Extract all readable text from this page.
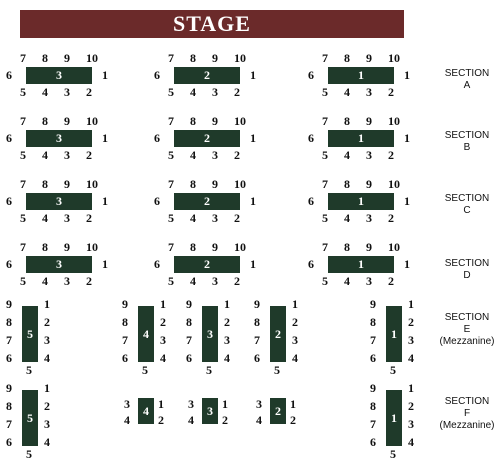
STAGE
7 8 9 10
6	3	1
5 4 3 2
7 8 9 10
6	2	1
5 4 3 2
7 8 9 10
6	1	1
5 4 3 2
7 8 9 10
6	3	1
5 4 3 2
7 8 9 10
6	2	1
5 4 3 2
7 8 9 10
6	1	1
5 4 3 2
7 8 9 10
6	3	1
5 4 3 2
7 8 9 10
6	2	1
5 4 3 2
7 8 9 10
6	1	1
5 4 3 2
7 8 9 10
6	3	1
5 4 3 2
7 8 9 10
6	2	1
5 4 3 2
7 8 9 10
6	1	1
5 4 3 2
SECTION
A
SECTION
B
SECTION
C
SECTION
D
SECTION
E
(Mezzanine)
SECTION
F
(Mezzanine)
9
8
7
6
5
1
2
3
4
5
9
8
7
6
4
1
2
3
4
5
9
8
7
6
3
1
2
3
4
5
9
8
7
6
2
1
2
3
4
5
9
8
7
6
1
1
2
3
4
5
9
8
7
6
5
1
2
3
4
5
9
8
7
6
1
1
2
3
4
5
3
4
4 1
2
3
4
3 1
2
3
4
2 1
2
